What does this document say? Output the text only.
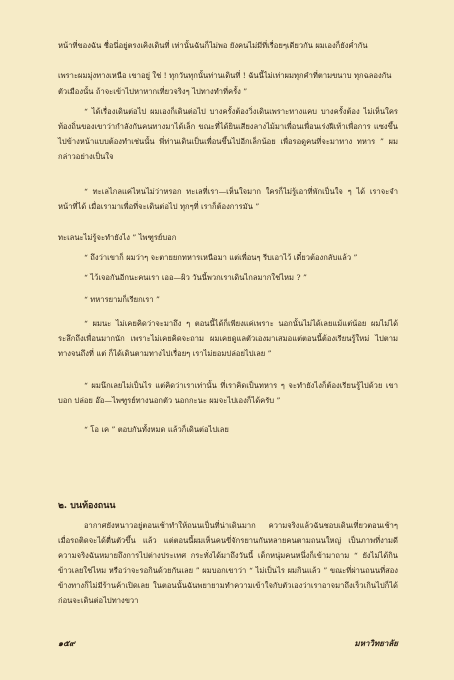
หน้าที่ของฉัน ชื่อนี่อยู่ตรงเคิงเดินที่ เท่านั้นฉันก็ไม่พอ ยังคนไม่มีที่เรื่อยๆเดียวกัน ผมเองก็ยังค่ำกัน

เพราะผมมุ่งทางเหนือ เขาอยู่ ใช่ ! ทุกวันทุกนั้นท่านเดินที่ ! ฉันนี้ไม่เท่าผมทุกคำที่ตามขนาบ ทุกฉลองกัน

ตัวเมืองนั้น ถ้าจะเข้าไปหาหากเที่ยวจริงๆ ไปทางทำที่ครั้ง ”

“ ได้เรื่องเดินต่อไป ผมเองก็เดินต่อไป บางครั้งต้องวิ่งเดินเพราะทางแคบ บางครั้งต้อง ไม่เห็นใครท้องถิ่นของเขาว่ากำลังกันคนทางมาได้เล็ก ขณะที่ได้ยินเสียงลางไม้มาเพื่อนเพื่อนเร่งฝีเท้าเพื่อการ แซงขึ้นไปข้างหน้าแบบต้องทำเช่นนั้น พี่ท่านเดินเป็นเพื่อนขึ้นไปอีกเล็กน้อย เพื่อรอดูคนที่จะมาทาง ทหาร ” ผมกล่าวอย่างเป็นใจ

“ ทะเลไกลแค่ไหนไม่ว่าหรอก ทะเลที่เรา—เห็นใจมาก ใครก็ไม่รู้เอาที่พักเป็นใจ ๆ ได้ เราจะจำหน้าที่ได้ เมื่อเรามาเพื่อที่จะเดินต่อไป ทุกๆที่ เราก็ต้องการมัน ”

ทะเลนะไม่รู้จะทำยังไง ” ไพฑูรย์บอก

“ ถึงว่าเขาก็ ผมว่าๆ จะตายยกทหารเหนือมา แต่เพื่อนๆ รีบเอาไว้ เดี๋ยวต้องกลับแล้ว ”

“ ไว้เจอกันอีกนะคนเรา เออ—ผิว วันนี้พวกเราเดินไกลมากใช่ไหม ? ”

“ ทหารยามก็เรียกเรา ”

“ ผมนะ ไม่เคยคิดว่าจะมาถึง ๆ ตอนนี้ได้ก็เพียงแค่เพราะ นอกนั้นไม่ได้เลยแม้แต่น้อย ผมไม่ได้ ระลึกถึงเพื่อนมากนัก เพราะไม่เคยคิดจะถาม ผมเคยดูแลตัวเองมาเสมอแต่ตอนนี้ต้องเรียนรู้ใหม่ ไปตามทางจนถึงที่ แต่ ก็ได้เดินตามทางไปเรื่อยๆ เราไม่ยอมปล่อยไปเลย ”

“ ผมนึกเลยไม่เป็นไร แต่คิดว่าเราเท่านั้น ที่เราคิดเป็นทหาร ๆ จะทำยังไงก็ต้องเรียนรู้ไปด้วย เขาบอก ปล่อย อ๊อ—ไพฑูรย์ทางนอกตัว นอกกะนะ ผมจะไปเองก็ได้ครับ ”

“ โอ เค ” ตอบกันทั้งหมด แล้วก็เดินต่อไปเลย

๒. บนท้องถนน

อากาศยังหนาวอยู่ตอนเช้าทำให้ถนนเป็นที่น่าเดินมาก ความจริงแล้วฉันชอบเดินเที่ยวตอนเช้าๆ เมื่อรถติดจะได้ตื่นตัวขึ้น แล้ว แต่ตอนนี้ผมเห็นคนขี่จักรยานกันหลายคนตามถนนใหญ่ เป็นภาพที่งามดี ความจริงฉันหมายถึงการไปต่างประเทศ กระทั่งได้มาถึงวันนี้ เด็กหนุ่มคนหนึ่งก็เข้ามาถาม “ ยังไม่ได้กินข้าวเลยใช่ไหม หรือว่าจะรอกินด้วยกันเลย ” ผมบอกเขาว่า “ ไม่เป็นไร ผมกินแล้ว ” ขณะที่ผ่านถนนที่สองข้างทางก็ไม่มีร้านค้าเปิดเลย ในตอนนั้นฉันพยายามทำความเข้าใจกับตัวเองว่าเราอาจมาถึงเร็วเกินไปก็ได้ ก่อนจะเดินต่อไปทางขวา

๑๕๙	มหาวิทยาลัย
